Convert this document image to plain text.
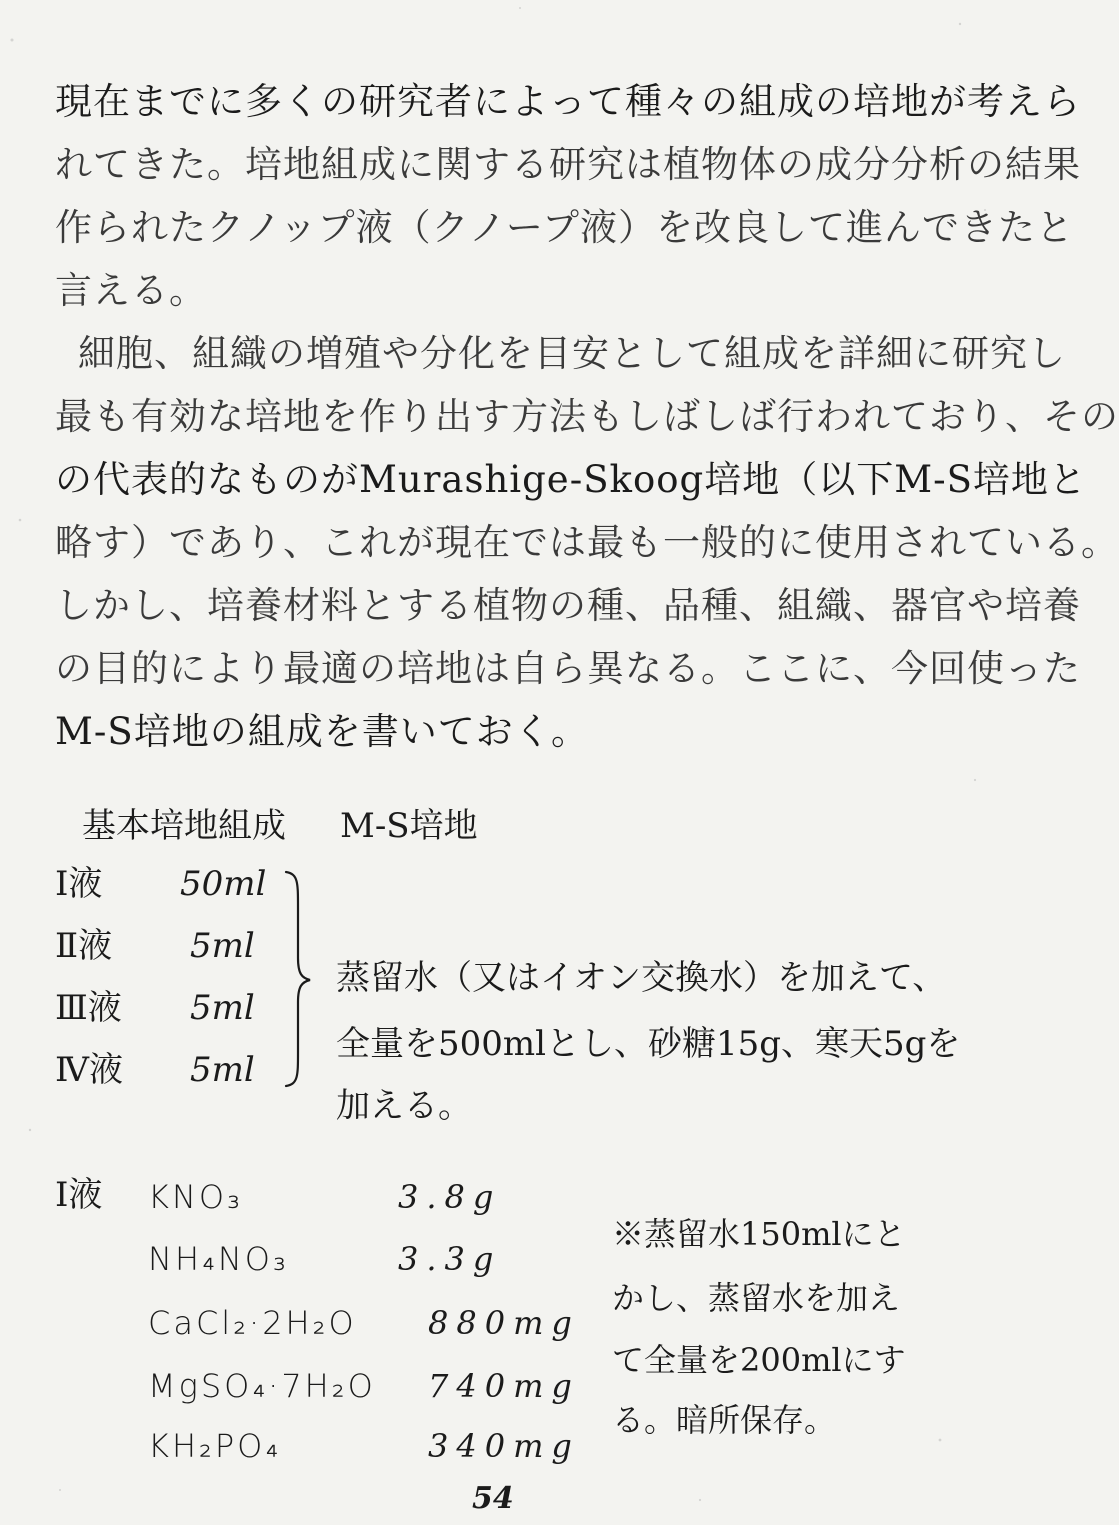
現在までに多くの研究者によって種々の組成の培地が考えら
れてきた。培地組成に関する研究は植物体の成分分析の結果
作られたクノップ液（クノープ液）を改良して進んできたと
言える。
細胞、組織の増殖や分化を目安として組成を詳細に研究し
最も有効な培地を作り出す方法もしばしば行われており、その
の代表的なものがMurashige-Skoog培地（以下M-S培地と
略す）であり、これが現在では最も一般的に使用されている。
しかし、培養材料とする植物の種、品種、組織、器官や培養
の目的により最適の培地は自ら異なる。ここに、今回使った
M-S培地の組成を書いておく。
基本培地組成 M-S培地
Ⅰ液 50ml
Ⅱ液 5ml
Ⅲ液 5ml
Ⅳ液 5ml
蒸留水（又はイオン交換水）を加えて、
全量を500mlとし、砂糖15g、寒天5gを
加える。
Ⅰ液 KNO₃	3.8g
NH₄NO₃	3.3g
CaCl₂·2H₂O 880mg
MgSO₄·7H₂O 740mg
KH₂PO₄	340mg
※蒸留水150mlにと
かし、蒸留水を加え
て全量を200mlにす
る。暗所保存。
54
